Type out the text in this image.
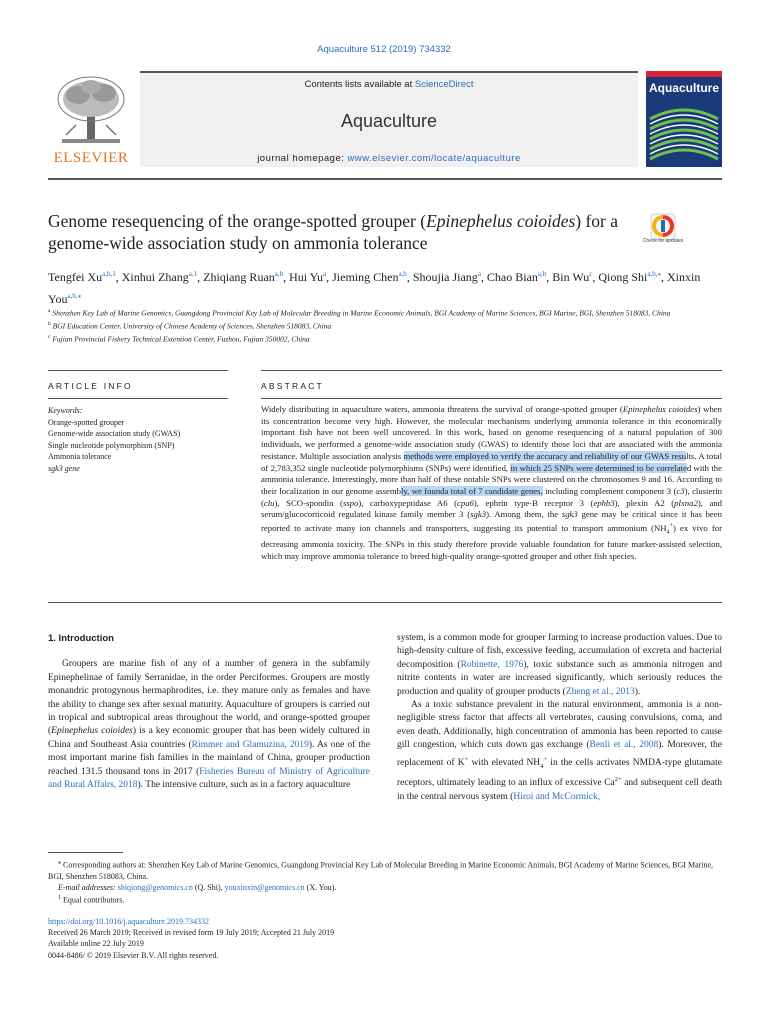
Aquaculture 512 (2019) 734332
ELSEVIER
Contents lists available at ScienceDirect
Aquaculture
journal homepage: www.elsevier.com/locate/aquaculture
Aquaculture
Genome resequencing of the orange-spotted grouper (Epinephelus coioides) for a genome-wide association study on ammonia tolerance	Check for updates
Tengfei Xu$^{a,b,1}$, Xinhui Zhang$^{a,1}$, Zhiqiang Ruan$^{a,b}$, Hui Yu$^a$, Jieming Chen$^{a,b}$, Shoujia Jiang$^a$, Chao Bian$^{a,b}$, Bin Wu$^c$, Qiong Shi$^{a,b,⁎}$, Xinxin You$^{a,b,⁎}$
$^a$ Shenzhen Key Lab of Marine Genomics, Guangdong Provincial Key Lab of Molecular Breeding in Marine Economic Animals, BGI Academy of Marine Sciences, BGI Marine, BGI, Shenzhen 518083, China
$^b$ BGI Education Center, University of Chinese Academy of Sciences, Shenzhen 518083, China
$^c$ Fujian Provincial Fishery Technical Extention Center, Fuzhou, Fujian 350002, China
ARTICLE INFO	ABSTRACT
Keywords:
Orange-spotted grouper
Genome-wide association study (GWAS)
Single nucleotide polymorphism (SNP)
Ammonia tolerance
sgk3 gene
Widely distributing in aquaculture waters, ammonia threatens the survival of orange-spotted grouper (Epinephelus coioides) when its concentration become very high. However, the molecular mechanisms underlying ammonia tolerance in this economically important fish have not been well uncovered. In this work, based on genome resequencing of a natural population of 300 individuals, we performed a genome-wide association study (GWAS) to identify those loci that are associated with the ammonia resistance. Multiple association analysis methods were employed to verify the accuracy and reliability of our GWAS results. A total of 2,783,352 single nucleotide polymorphisms (SNPs) were identified, in which 25 SNPs were determined to be correlated with the ammonia tolerance. Interestingly, more than half of these notable SNPs were clustered on the chromosomes 9 and 16. According to their localization in our genome assembly, we founda total of 7 candidate genes, including complement component 3 (c3), clusterin (clu), SCO-spondin (sspo), carboxypeptidase A6 (cpa6), ephrin type-B receptor 3 (ephb3), plexin A2 (plxna2), and serum/glucocorticoid regulated kinase family member 3 (sgk3). Among them, the sgk3 gene may be critical since it has been reported to activate many ion channels and transporters, suggesting its potential to transport ammonium $(NH_4^+)$ ex vivo for decreasing ammonia toxicity. The SNPs in this study therefore provide valuable foundation for future marker-assisted selection, which may improve ammonia tolerance to breed high-quality orange-spotted grouper and other fish species.
1. Introduction
Groupers are marine fish of any of a number of genera in the subfamily Epinephelinae of family Serranidae, in the order Perciformes. Groupers are mostly monandric protogynous hermaphrodites, i.e. they mature only as females and have the ability to change sex after sexual maturity. Aquaculture of groupers is carried out in tropical and subtropical areas throughout the world, and orange-spotted grouper (Epinephelus coioides) is a key economic grouper that has been widely cultured in China and Southeast Asia countries (Rimmer and Glamuzina, 2019). As one of the most important marine fish families in the mainland of China, grouper production reached 131.5 thousand tons in 2017 (Fisheries Bureau of Ministry of Agriculture and Rural Affairs, 2018). The intensive culture, such as in a factory aquaculture
system, is a common mode for grouper farming to increase production values. Due to high-density culture of fish, excessive feeding, accumulation of excreta and bacterial decomposition (Robinette, 1976), toxic substance such as ammonia nitrogen and nitrite contents in water are increased significantly, which seriously reduces the production and quality of grouper products (Zheng et al., 2013).
As a toxic substance prevalent in the natural environment, ammonia is a non-negligible stress factor that affects all vertebrates, causing convulsions, coma, and even death. Additionally, high concentration of ammonia has been reported to cause gill congestion, which cuts down gas exchange (Benli et al., 2008). Moreover, the replacement of K+ with elevated $NH_4^+$ in the cells activates NMDA-type glutamate receptors, ultimately leading to an influx of excessive $Ca^{2+}$ and subsequent cell death in the central nervous system (Hiroi and McCormick,
⁎ Corresponding authors at: Shenzhen Key Lab of Marine Genomics, Guangdong Provincial Key Lab of Molecular Breeding in Marine Economic Animals, BGI Academy of Marine Sciences, BGI Marine, BGI, Shenzhen 518083, China.
E-mail addresses: shiqiong@genomics.cn (Q. Shi), youxinxin@genomics.cn (X. You).
$^1$ Equal contributors.
https://doi.org/10.1016/j.aquaculture.2019.734332
Received 26 March 2019; Received in revised form 19 July 2019; Accepted 21 July 2019
Available online 22 July 2019
0044-8486/ © 2019 Elsevier B.V. All rights reserved.
